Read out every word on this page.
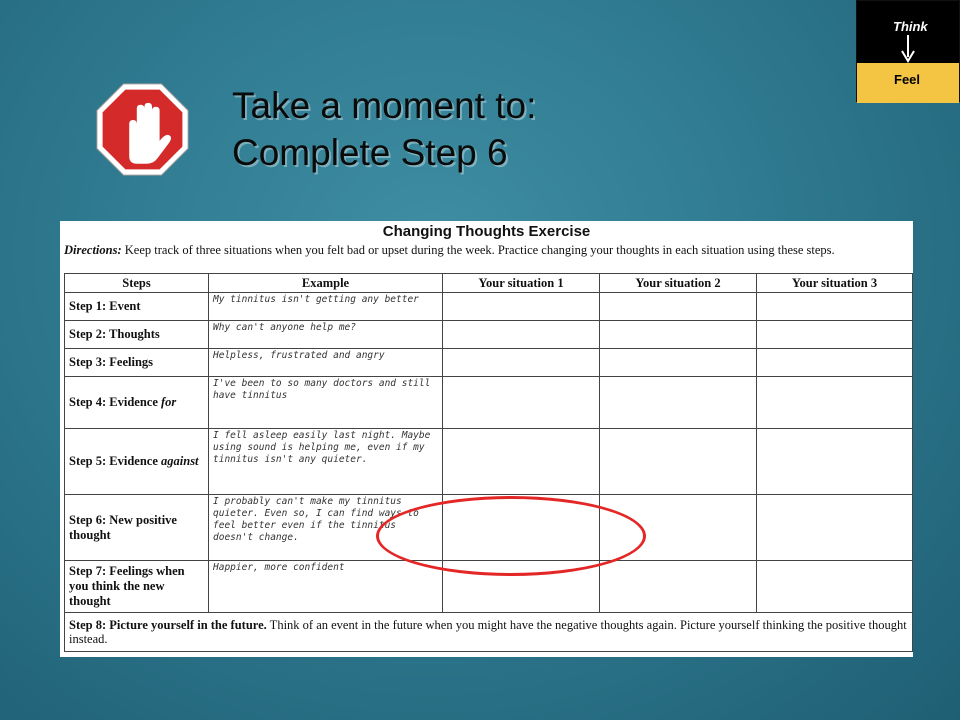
Think
Feel
Take a moment to:
Complete Step 6
Changing Thoughts Exercise
Directions: Keep track of three situations when you felt bad or upset during the week. Practice changing your thoughts in each situation using these steps.
Steps	Example	Your situation 1	Your situation 2	Your situation 3
Step 1: Event	My tinnitus isn't getting any better			
Step 2: Thoughts	Why can't anyone help me?			
Step 3: Feelings	Helpless, frustrated and angry			
Step 4: Evidence for	I've been to so many doctors and still have tinnitus			
Step 5: Evidence against	I fell asleep easily last night. Maybe using sound is helping me, even if my tinnitus isn't any quieter.			
Step 6: New positive thought	I probably can't make my tinnitus quieter. Even so, I can find ways to feel better even if the tinnitus doesn't change.			
Step 7: Feelings when you think the new thought	Happier, more confident			
Step 8: Picture yourself in the future. Think of an event in the future when you might have the negative thoughts again. Picture yourself thinking the positive thought instead.				
